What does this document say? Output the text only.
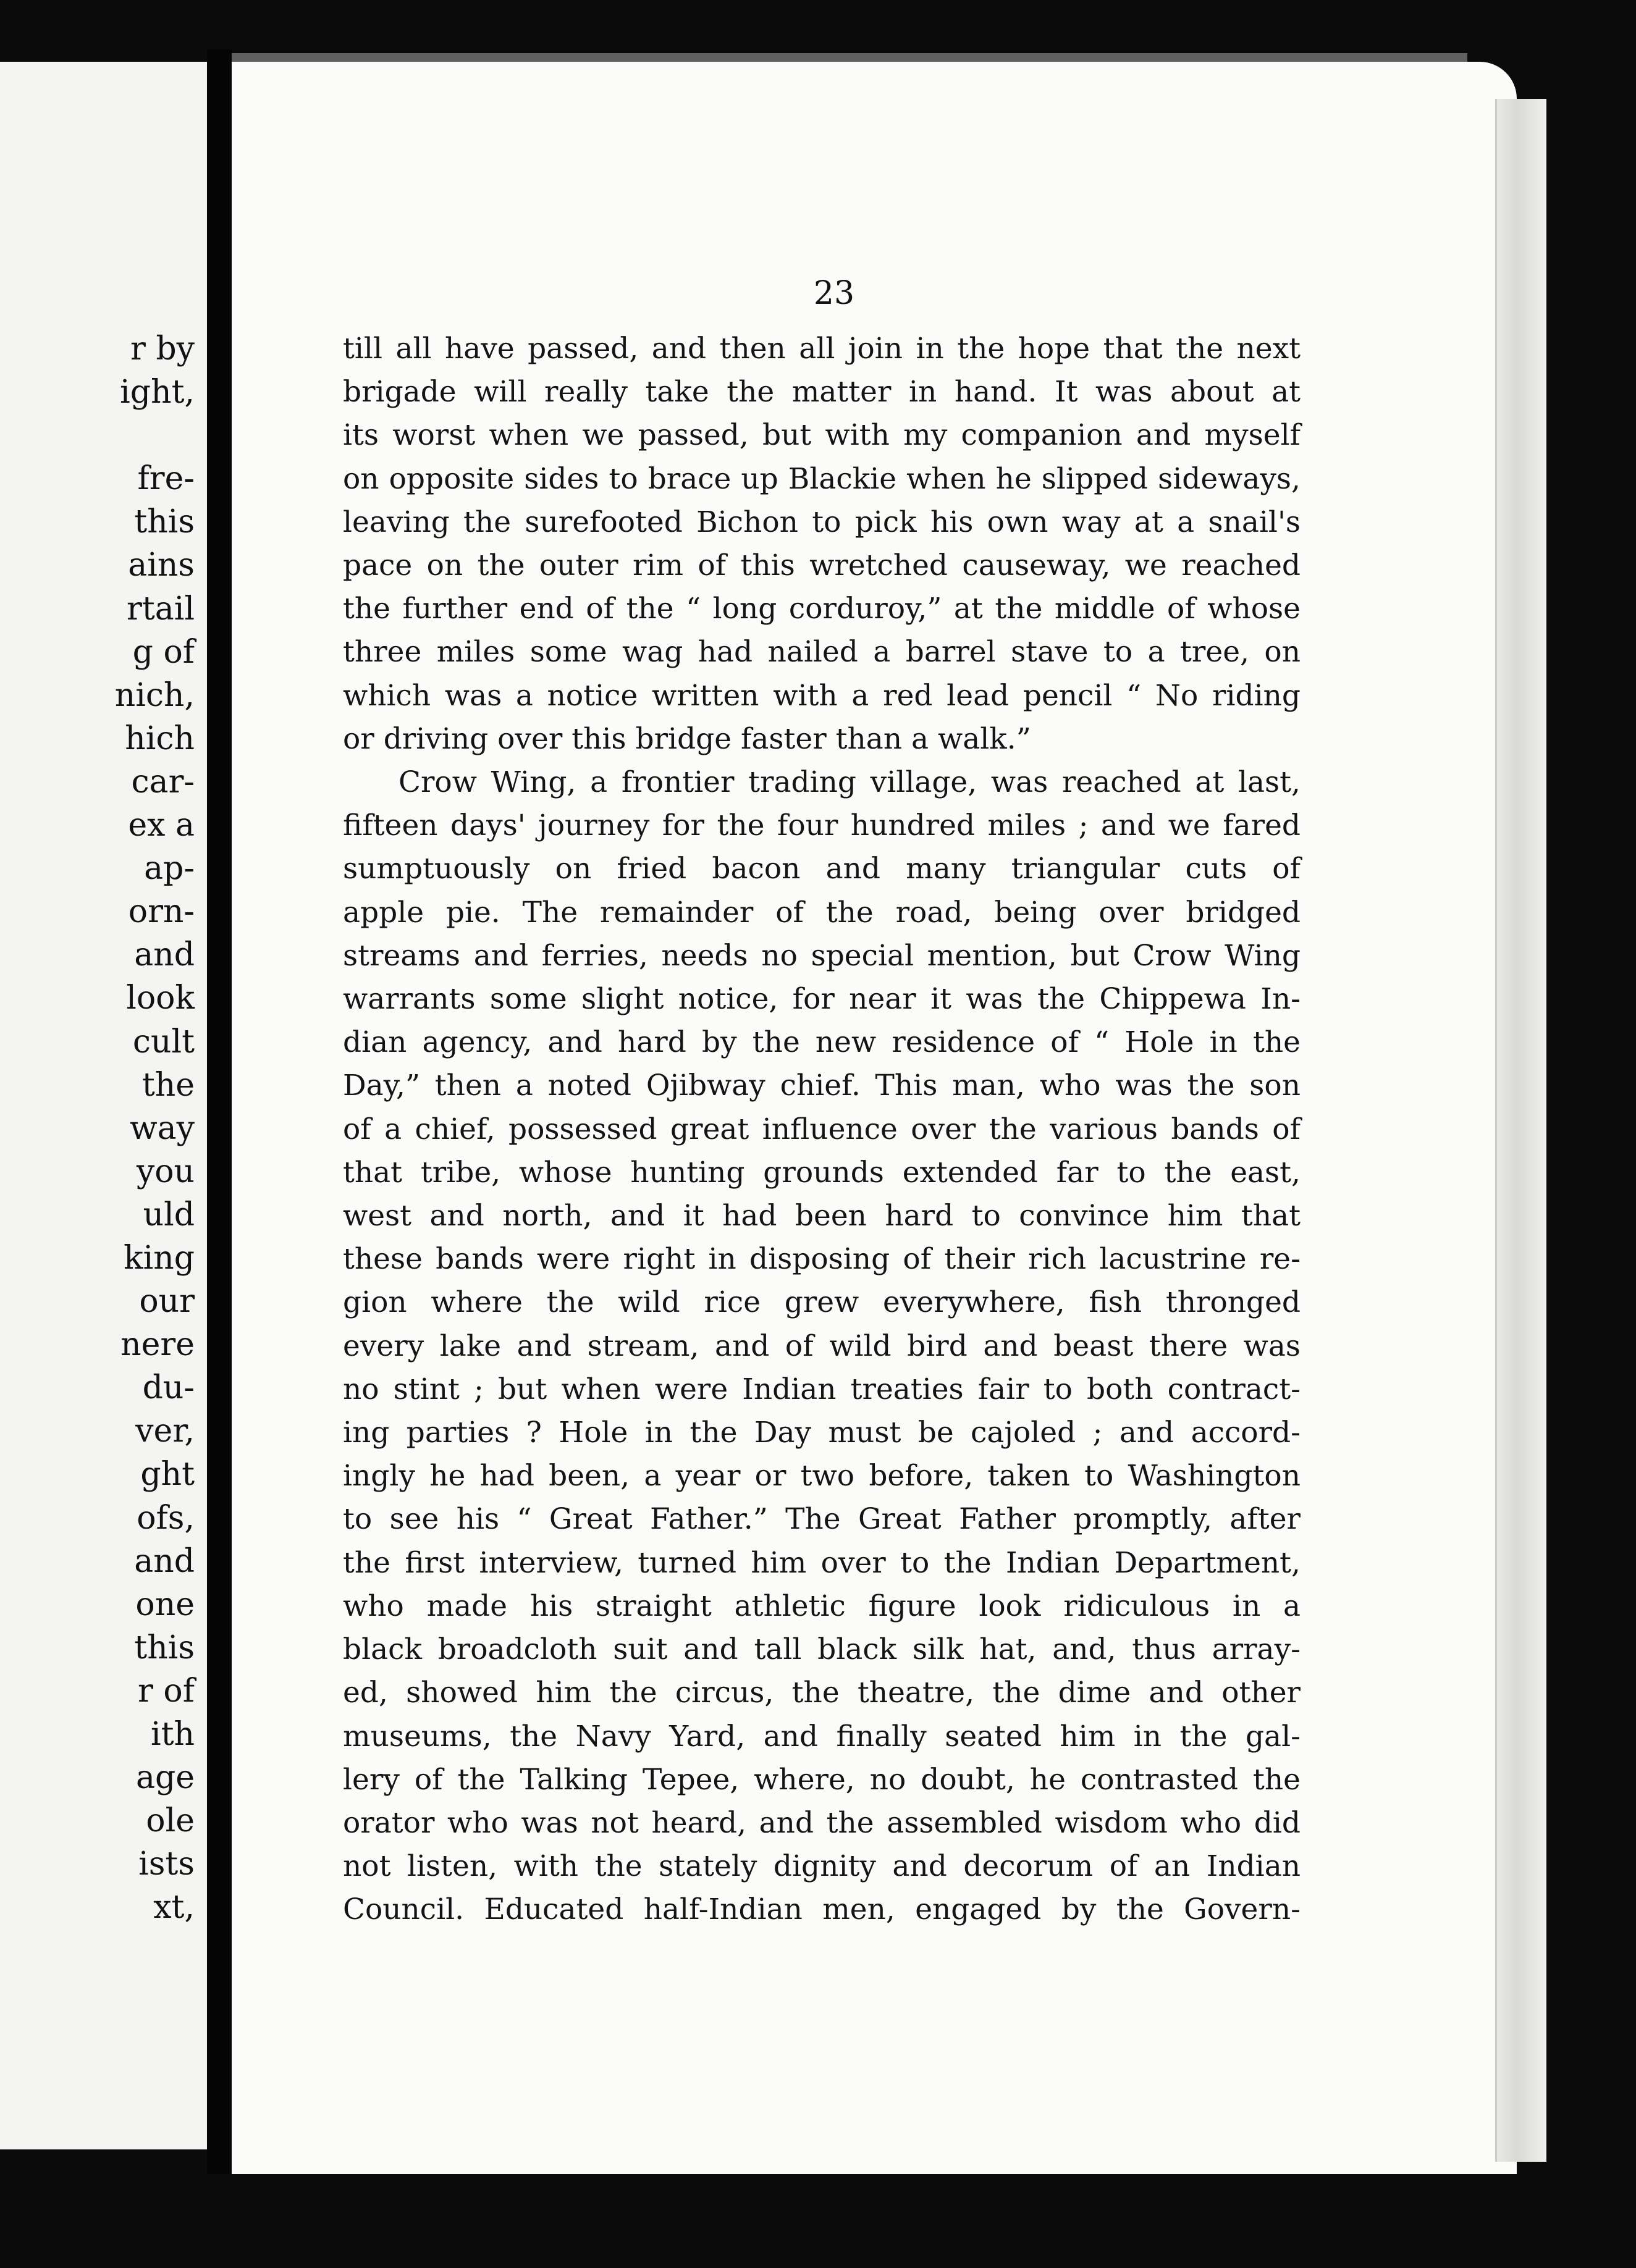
r by
ight,

fre-
this
ains
rtail
g of
nich,
hich
car-
ex a
ap-
orn-
and
look
cult
the
way
you
uld
king
our
nere
du-
ver,
ght
ofs,
and
one
this
r of
ith
age
ole
ists
xt,
23
till all have passed, and then all join in the hope that the next
brigade will really take the matter in hand. It was about at
its worst when we passed, but with my companion and myself
on opposite sides to brace up Blackie when he slipped sideways,
leaving the surefooted Bichon to pick his own way at a snail's
pace on the outer rim of this wretched causeway, we reached
the further end of the “ long corduroy,” at the middle of whose
three miles some wag had nailed a barrel stave to a tree, on
which was a notice written with a red lead pencil “ No riding
or driving over this bridge faster than a walk.”
Crow Wing, a frontier trading village, was reached at last,
fifteen days' journey for the four hundred miles ; and we fared
sumptuously on fried bacon and many triangular cuts of
apple pie. The remainder of the road, being over bridged
streams and ferries, needs no special mention, but Crow Wing
warrants some slight notice, for near it was the Chippewa In-
dian agency, and hard by the new residence of “ Hole in the
Day,” then a noted Ojibway chief. This man, who was the son
of a chief, possessed great influence over the various bands of
that tribe, whose hunting grounds extended far to the east,
west and north, and it had been hard to convince him that
these bands were right in disposing of their rich lacustrine re-
gion where the wild rice grew everywhere, fish thronged
every lake and stream, and of wild bird and beast there was
no stint ; but when were Indian treaties fair to both contract-
ing parties ? Hole in the Day must be cajoled ; and accord-
ingly he had been, a year or two before, taken to Washington
to see his “ Great Father.” The Great Father promptly, after
the first interview, turned him over to the Indian Department,
who made his straight athletic figure look ridiculous in a
black broadcloth suit and tall black silk hat, and, thus array-
ed, showed him the circus, the theatre, the dime and other
museums, the Navy Yard, and finally seated him in the gal-
lery of the Talking Tepee, where, no doubt, he contrasted the
orator who was not heard, and the assembled wisdom who did
not listen, with the stately dignity and decorum of an Indian
Council. Educated half-Indian men, engaged by the Govern-
